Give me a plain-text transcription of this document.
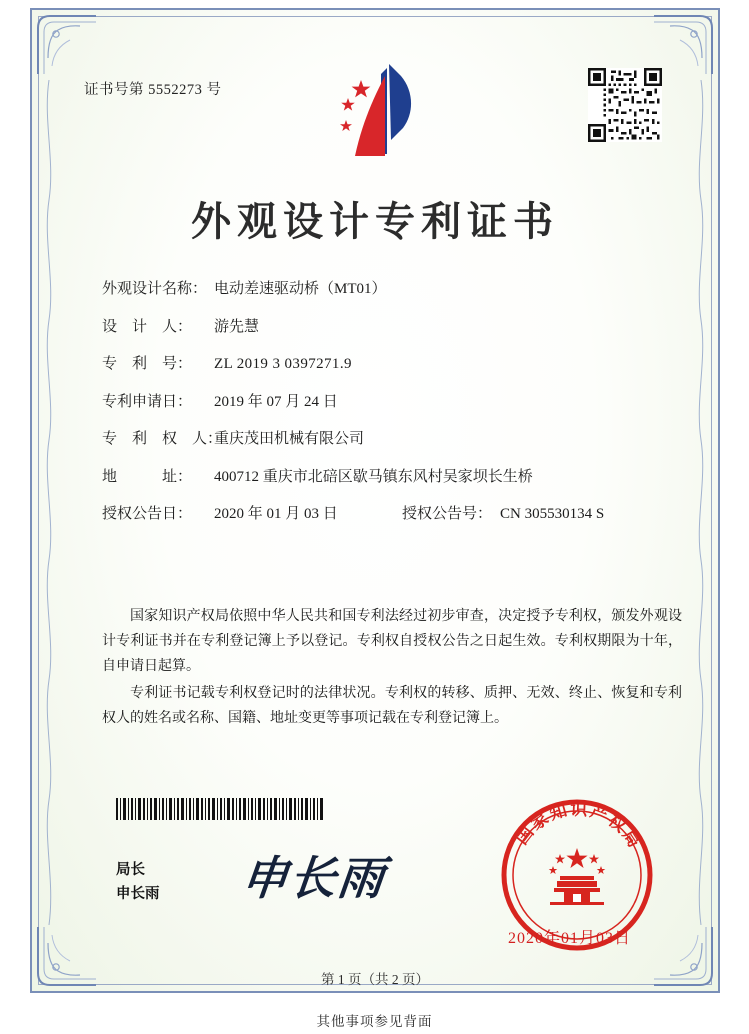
证书号第 5552273 号
外观设计专利证书
外观设计名称： 电动差速驱动桥（MT01）
设　计　人：	游先慧
专　利　号：	ZL 2019 3 0397271.9
专利申请日：	2019 年 07 月 24 日
专　利　权　人：
重庆茂田机械有限公司
地　　　址：	400712 重庆市北碚区歇马镇东风村吴家坝长生桥
授权公告日：	2020 年 01 月 03 日	授权公告号： CN 305530134 S

国家知识产权局依照中华人民共和国专利法经过初步审查，决定授予专利权，颁发外观设计专利证书并在专利登记簿上予以登记。专利权自授权公告之日起生效。专利权期限为十年，自申请日起算。

专利证书记载专利权登记时的法律状况。专利权的转移、质押、无效、终止、恢复和专利权人的姓名或名称、国籍、地址变更等事项记载在专利登记簿上。

局长
申长雨 申长雨
国家知识产权局
2020年01月03日
第 1 页（共 2 页）
其他事项参见背面
